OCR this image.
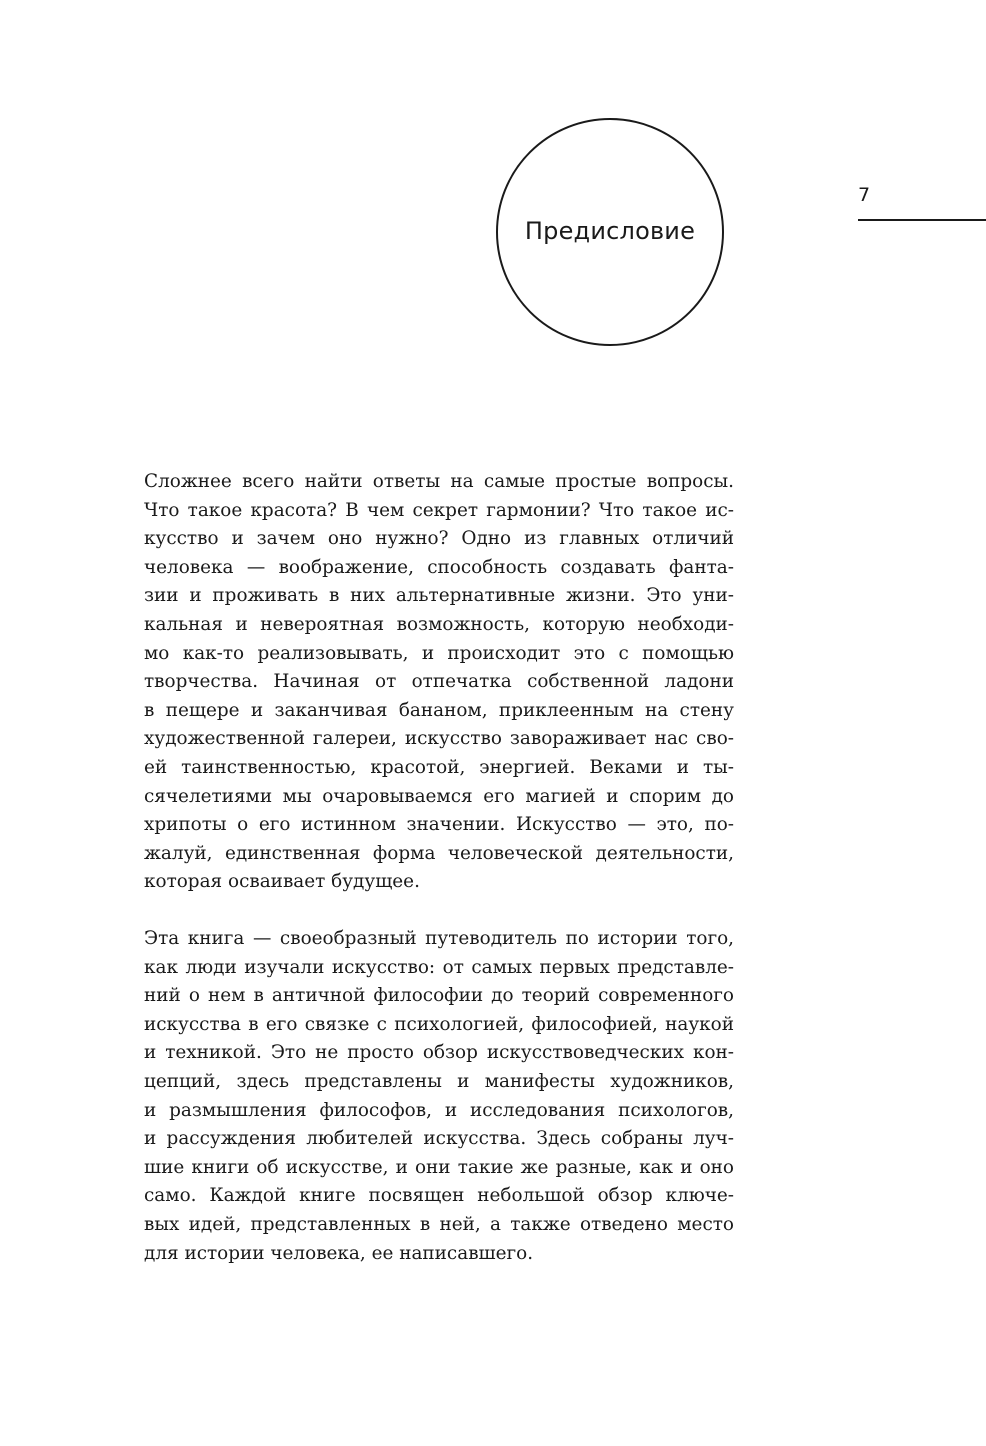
Предисловие
7
Сложнее всего найти ответы на самые простые вопросы.
Что такое красота? В чем секрет гармонии? Что такое ис-
кусство и зачем оно нужно? Одно из главных отличий
человека — воображение, способность создавать фанта-
зии и проживать в них альтернативные жизни. Это уни-
кальная и невероятная возможность, которую необходи-
мо как-то реализовывать, и происходит это с помощью
творчества. Начиная от отпечатка собственной ладони
в пещере и заканчивая бананом, приклеенным на стену
художественной галереи, искусство завораживает нас сво-
ей таинственностью, красотой, энергией. Веками и ты-
сячелетиями мы очаровываемся его магией и спорим до
хрипоты о его истинном значении. Искусство — это, по-
жалуй, единственная форма человеческой деятельности,
которая осваивает будущее.
Эта книга — своеобразный путеводитель по истории того,
как люди изучали искусство: от самых первых представле-
ний о нем в античной философии до теорий современного
искусства в его связке с психологией, философией, наукой
и техникой. Это не просто обзор искусствоведческих кон-
цепций, здесь представлены и манифесты художников,
и размышления философов, и исследования психологов,
и рассуждения любителей искусства. Здесь собраны луч-
шие книги об искусстве, и они такие же разные, как и оно
само. Каждой книге посвящен небольшой обзор ключе-
вых идей, представленных в ней, а также отведено место
для истории человека, ее написавшего.
